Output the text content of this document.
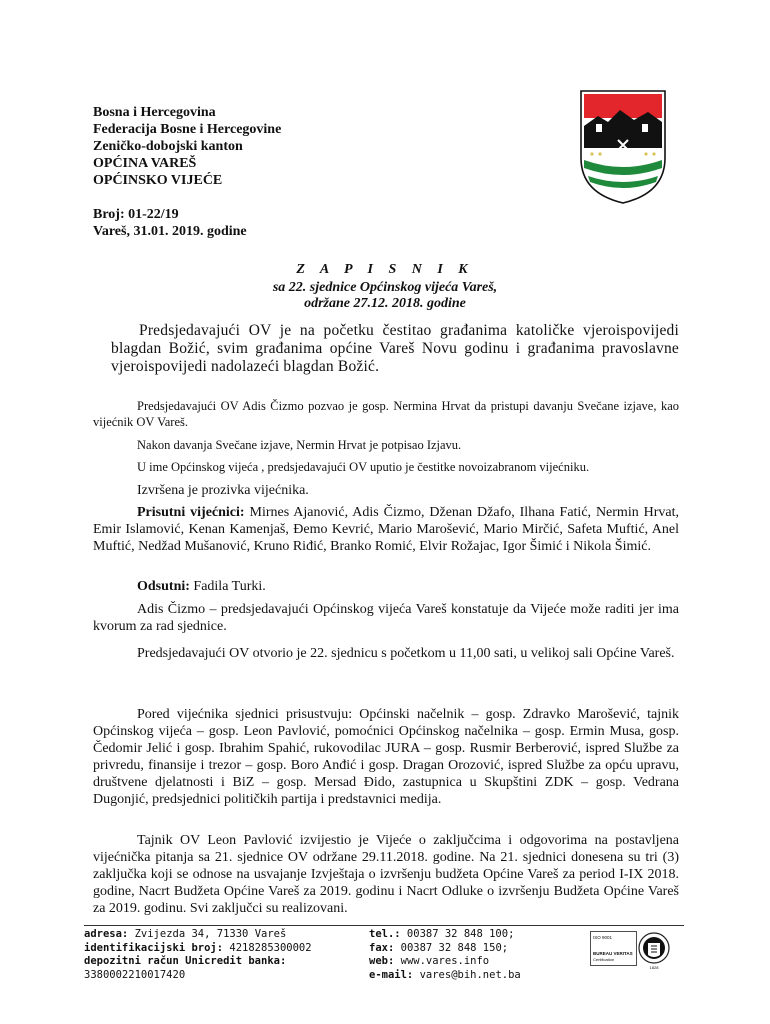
Bosna i Hercegovina
Federacija Bosne i Hercegovine
Zeničko-dobojski kanton
OPĆINA VAREŠ
OPĆINSKO VIJEĆE
Broj: 01-22/19
Vareš, 31.01. 2019. godine
Z A P I S N I K
sa 22. sjednice Općinskog vijeća Vareš,
održane 27.12. 2018. godine
Predsjedavajući OV je na početku čestitao građanima katoličke vjeroispovijedi blagdan Božić, svim građanima općine Vareš Novu godinu i građanima pravoslavne vjeroispovijedi nadolazeći blagdan Božić.
Predsjedavajući OV Adis Čizmo pozvao je gosp. Nermina Hrvat da pristupi davanju Svečane izjave, kao vijećnik OV Vareš.
Nakon davanja Svečane izjave, Nermin Hrvat je potpisao Izjavu.
U ime Općinskog vijeća , predsjedavajući OV uputio je čestitke novoizabranom vijećniku.
Izvršena je prozivka vijećnika.
Prisutni vijećnici: Mirnes Ajanović, Adis Čizmo, Dženan Džafo, Ilhana Fatić, Nermin Hrvat, Emir Islamović, Kenan Kamenjaš, Đemo Kevrić, Mario Marošević, Mario Mirčić, Safeta Muftić, Anel Muftić, Nedžad Mušanović, Kruno Riđić, Branko Romić, Elvir Rožajac, Igor Šimić i Nikola Šimić.
Odsutni: Fadila Turki.
Adis Čizmo – predsjedavajući Općinskog vijeća Vareš konstatuje da Vijeće može raditi jer ima kvorum za rad sjednice.
Predsjedavajući OV otvorio je 22. sjednicu s početkom u 11,00 sati, u velikoj sali Općine Vareš.
Pored vijećnika sjednici prisustvuju: Općinski načelnik – gosp. Zdravko Marošević, tajnik Općinskog vijeća – gosp. Leon Pavlović, pomoćnici Općinskog načelnika – gosp. Ermin Musa, gosp. Čedomir Jelić i gosp. Ibrahim Spahić, rukovodilac JURA – gosp. Rusmir Berberović, ispred Službe za privredu, finansije i trezor – gosp. Boro Anđić i gosp. Dragan Orozović, ispred Službe za opću upravu, društvene djelatnosti i BiZ – gosp. Mersad Đido, zastupnica u Skupštini ZDK – gosp. Vedrana Dugonjić, predsjednici političkih partija i predstavnici medija.
Tajnik OV Leon Pavlović izvijestio je Vijeće o zaključcima i odgovorima na postavljena vijećnička pitanja sa 21. sjednice OV održane 29.11.2018. godine. Na 21. sjednici donesena su tri (3) zaključka koji se odnose na usvajanje Izvještaja o izvršenju budžeta Općine Vareš za period I-IX 2018. godine, Nacrt Budžeta Općine Vareš za 2019. godinu i Nacrt Odluke o izvršenju Budžeta Općine Vareš za 2019. godinu. Svi zaključci su realizovani.
adresa: Zvijezda 34, 71330 Vareš
identifikacijski broj: 4218285300002
depozitni račun Unicredit banka:
3380002210017420
tel.: 00387 32 848 100;
fax: 00387 32 848 150;
web: www.vares.info
e-mail: vares@bih.net.ba
ISO 9001
BUREAU VERITAS
Certification
1828
